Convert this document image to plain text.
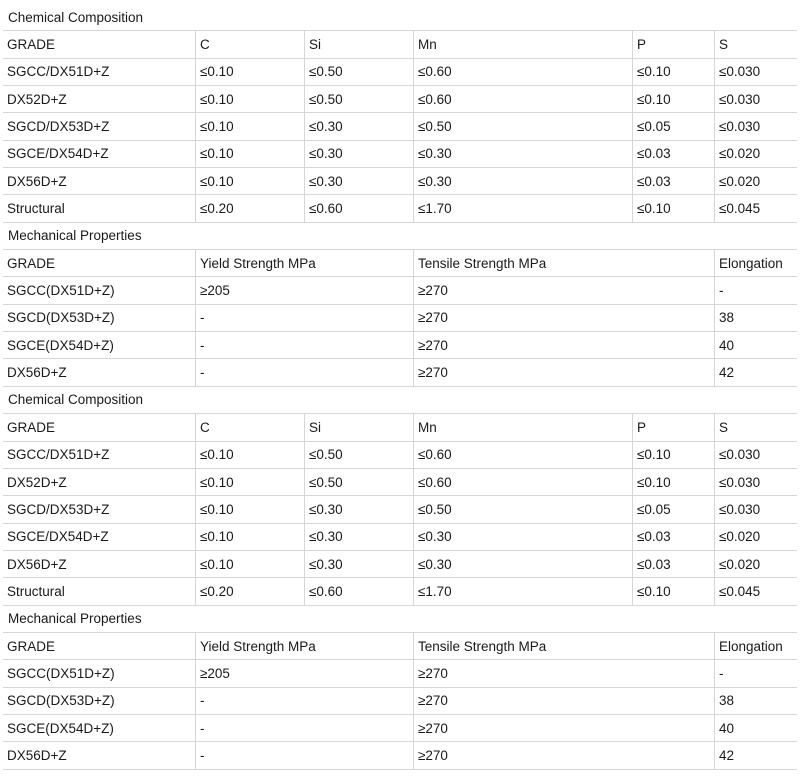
Chemical Composition
GRADE	C	Si	Mn	P	S
SGCC/DX51D+Z	≤0.10	≤0.50	≤0.60	≤0.10	≤0.030
DX52D+Z	≤0.10	≤0.50	≤0.60	≤0.10	≤0.030
SGCD/DX53D+Z	≤0.10	≤0.30	≤0.50	≤0.05	≤0.030
SGCE/DX54D+Z	≤0.10	≤0.30	≤0.30	≤0.03	≤0.020
DX56D+Z	≤0.10	≤0.30	≤0.30	≤0.03	≤0.020
Structural	≤0.20	≤0.60	≤1.70	≤0.10	≤0.045
Mechanical Properties
GRADE	Yield Strength MPa	Tensile Strength MPa	Elongation
SGCC(DX51D+Z)	≥205	≥270	-
SGCD(DX53D+Z)	-	≥270	38
SGCE(DX54D+Z)	-	≥270	40
DX56D+Z	-	≥270	42
Chemical Composition
GRADE	C	Si	Mn	P	S
SGCC/DX51D+Z	≤0.10	≤0.50	≤0.60	≤0.10	≤0.030
DX52D+Z	≤0.10	≤0.50	≤0.60	≤0.10	≤0.030
SGCD/DX53D+Z	≤0.10	≤0.30	≤0.50	≤0.05	≤0.030
SGCE/DX54D+Z	≤0.10	≤0.30	≤0.30	≤0.03	≤0.020
DX56D+Z	≤0.10	≤0.30	≤0.30	≤0.03	≤0.020
Structural	≤0.20	≤0.60	≤1.70	≤0.10	≤0.045
Mechanical Properties
GRADE	Yield Strength MPa	Tensile Strength MPa	Elongation
SGCC(DX51D+Z)	≥205	≥270	-
SGCD(DX53D+Z)	-	≥270	38
SGCE(DX54D+Z)	-	≥270	40
DX56D+Z	-	≥270	42
